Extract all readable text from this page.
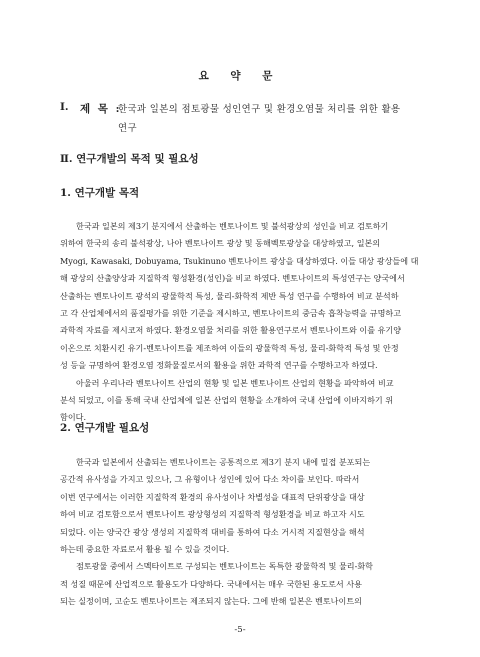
요 약 문
Ⅰ. 제 목 :
한국과 일본의 점토광물 성인연구 및 환경오염물 처리를 위한 활용
연구
Ⅱ. 연구개발의 목적 및 필요성
1. 연구개발 목적
한국과 일본의 제3기 분지에서 산출하는 벤토나이트 및 불석광상의 성인을 비교 검토하기
위하여 한국의 송리 불석광상, 나아 벤토나이트 광상 및 동해벡토광상을 대상하였고, 일본의
Myogi, Kawasaki, Dobuyama, Tsukinuno 벤토나이트 광상을 대상하였다. 이들 대상 광상들에 대
해 광상의 산출양상과 지질학적 형성환경(성인)을 비교 하였다. 벤토나이트의 특성연구는 양국에서
산출하는 벤토나이트 광석의 광물학적 특성, 물리-화학적 제반 특성 연구를 수행하여 비교 분석하
고 각 산업체에서의 품질평가를 위한 기준을 제시하고, 벤토나이트의 중금속 흡착능력을 규명하고
과학적 자료를 제시코저 하였다. 환경오염물 처리를 위한 활용연구로서 벤토나이트와 이를 유기양
이온으로 치환시킨 유기-벤토나이트를 제조하여 이들의 광물학적 특성, 물리-화학적 특성 및 안정
성 등을 규명하여 환경오염 정화물질로서의 활용을 위한 과학적 연구를 수행하고자 하였다.
아울러 우리나라 벤토나이트 산업의 현황 및 일본 벤토나이트 산업의 현황을 파악하여 비교
분석 되었고, 이를 통해 국내 산업체에 일본 산업의 현황을 소개하여 국내 산업에 이바지하기 위
함이다.
2. 연구개발 필요성
한국과 일본에서 산출되는 벤토나이트는 공통적으로 제3기 분지 내에 밀접 분포되는
공간적 유사성을 가지고 있으나, 그 유형이나 성인에 있어 다소 차이를 보인다. 따라서
이번 연구에서는 이러한 지질학적 환경의 유사성이나 차별성을 대표적 단위광상을 대상
하여 비교 검토함으로서 벤토나이트 광상형성의 지질학적 형성환경을 비교 하고자 시도
되었다. 이는 양국간 광상 생성의 지질학적 대비를 통하여 다소 거시적 지질현상을 해석
하는데 중요한 자료로서 활용 될 수 있을 것이다.
점토광물 중에서 스멕타이트로 구성되는 벤토나이트는 독특한 광물학적 및 물리-화학
적 성질 때문에 산업적으로 활용도가 다양하다. 국내에서는 매우 국한된 용도로서 사용
되는 실정이며, 고순도 벤토나이트는 제조되지 않는다. 그에 반해 일본은 벤토나이트의
-5-
